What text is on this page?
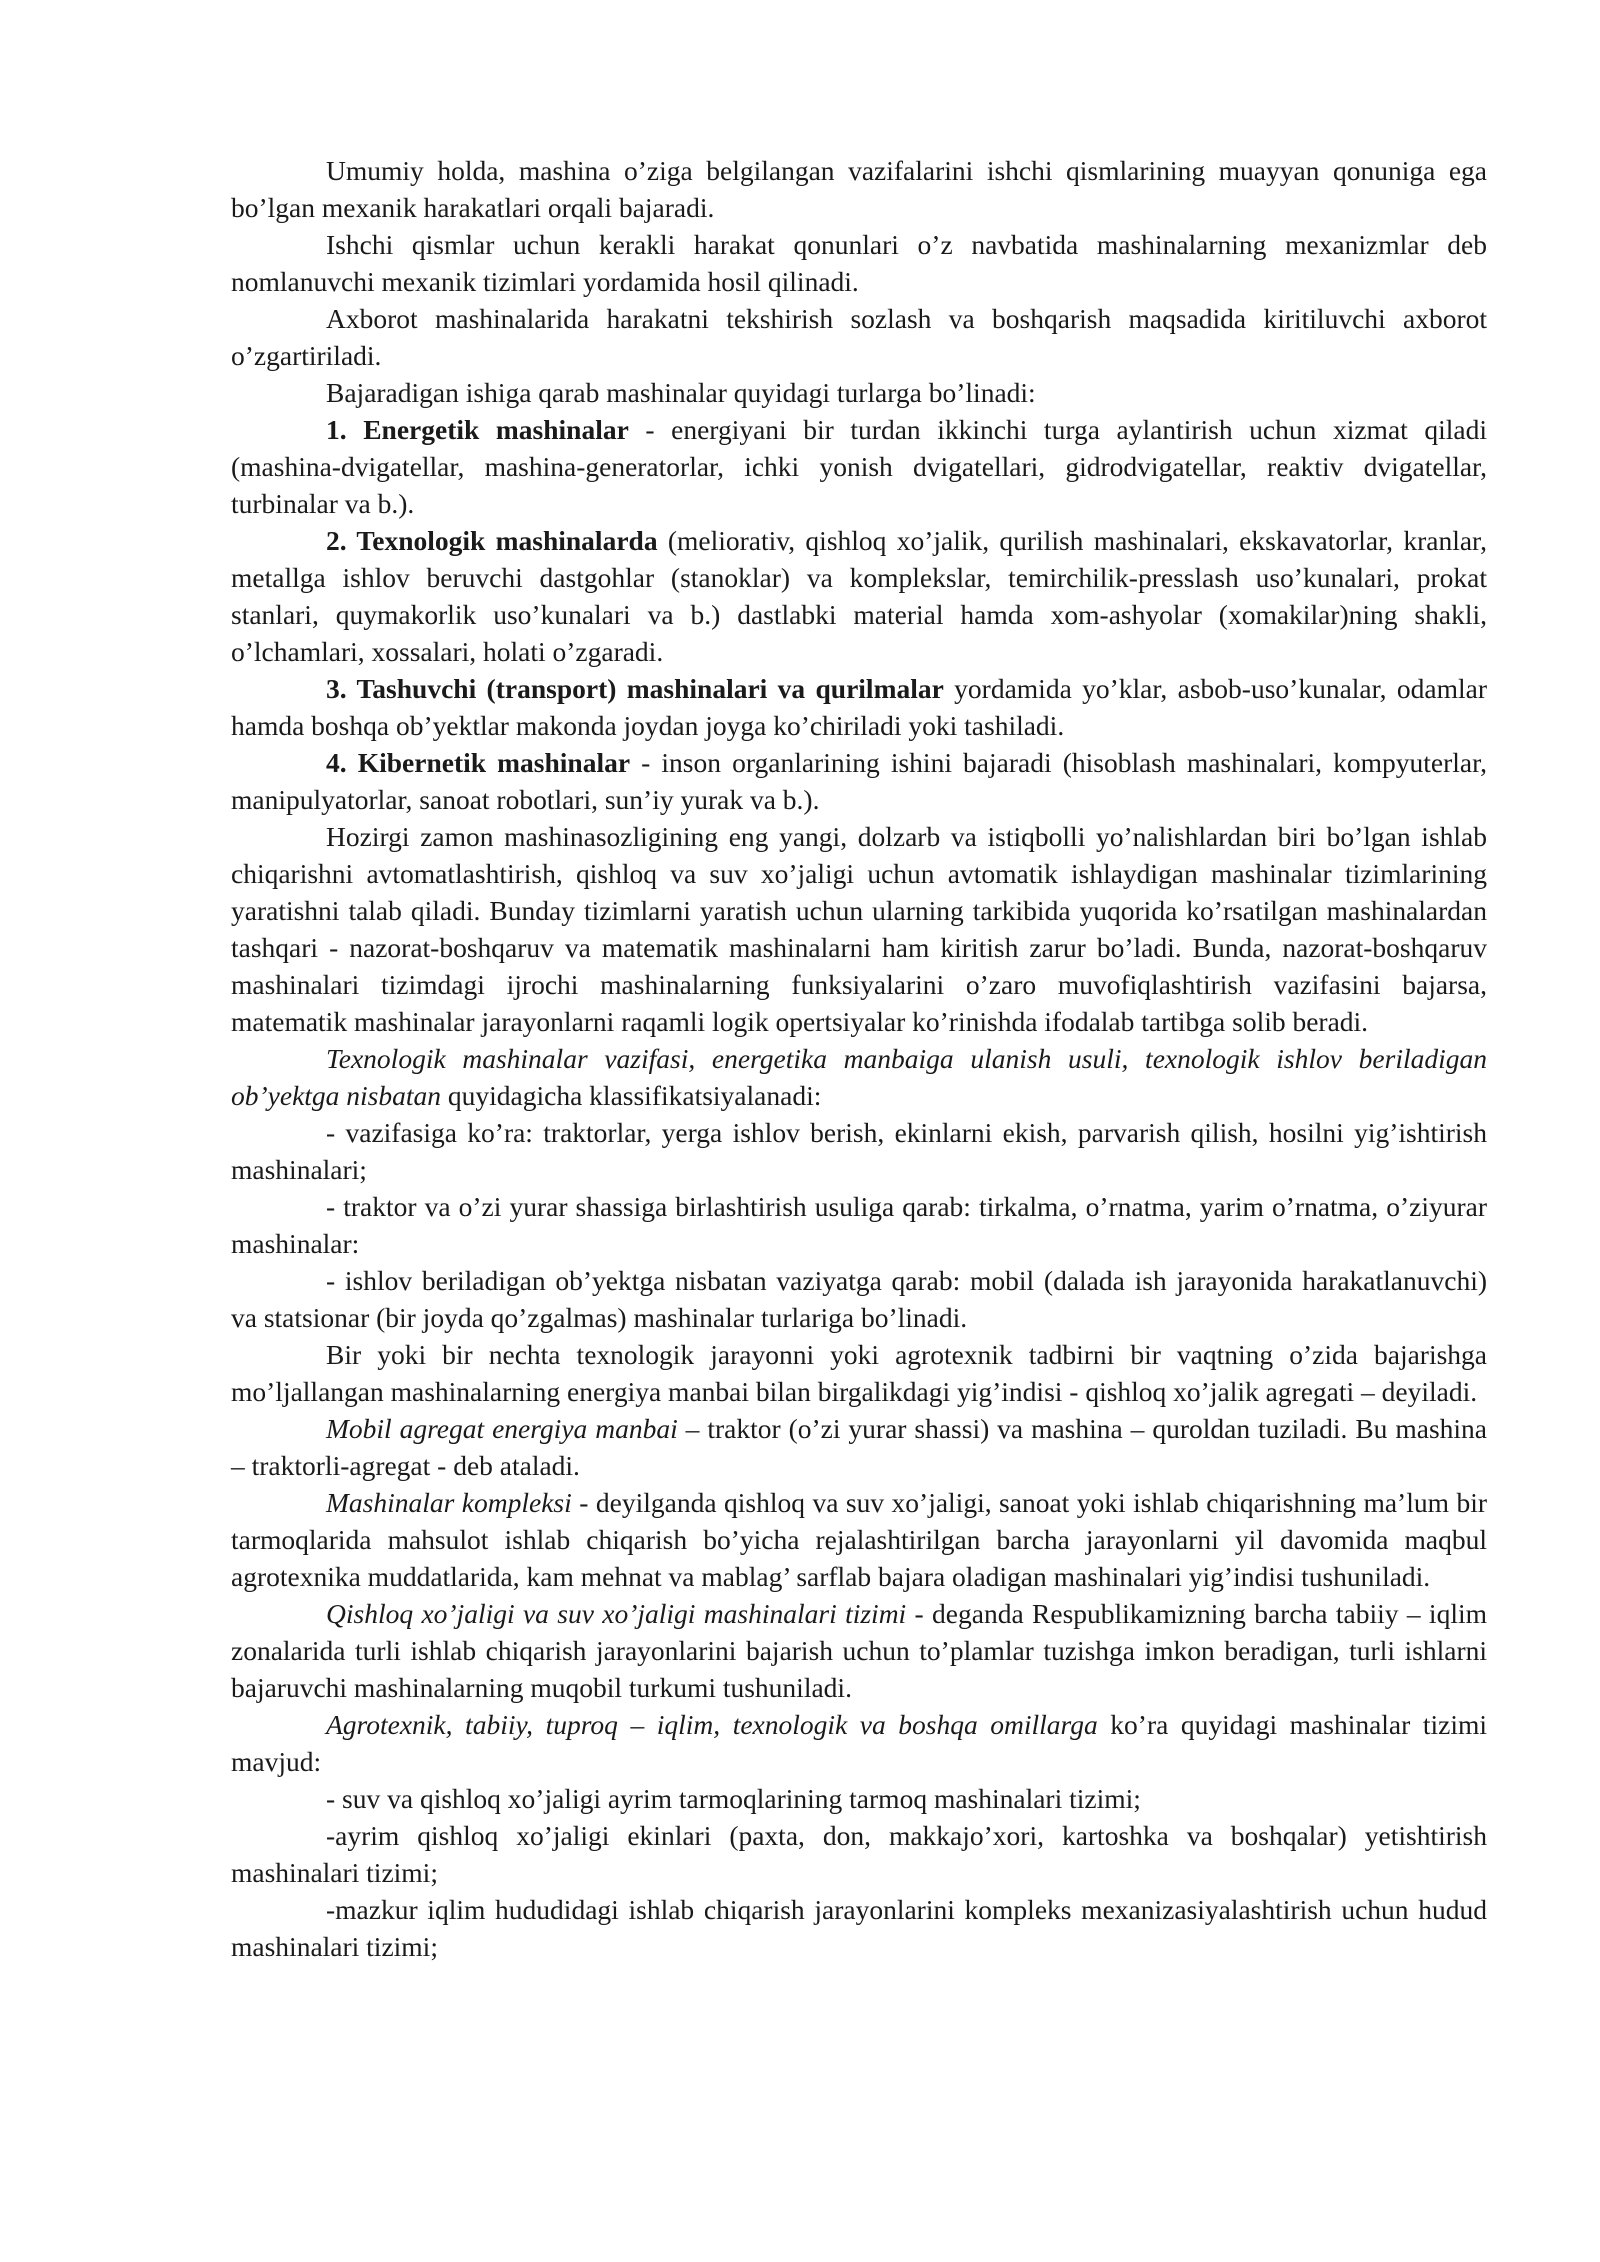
Umumiy holda, mashina o’ziga belgilangan vazifalarini ishchi qismlarining muayyan qonuniga ega bo’lgan mexanik harakatlari orqali bajaradi.

Ishchi qismlar uchun kerakli harakat qonunlari o’z navbatida mashinalarning mexanizmlar deb nomlanuvchi mexanik tizimlari yordamida hosil qilinadi.

Axborot mashinalarida harakatni tekshirish sozlash va boshqarish maqsadida kiritiluvchi axborot o’zgartiriladi.

Bajaradigan ishiga qarab mashinalar quyidagi turlarga bo’linadi:

1. Energetik mashinalar - energiyani bir turdan ikkinchi turga aylantirish uchun xizmat qiladi (mashina-dvigatellar, mashina-generatorlar, ichki yonish dvigatellari, gidrodvigatellar, reaktiv dvigatellar, turbinalar va b.).

2. Texnologik mashinalarda (meliorativ, qishloq xo’jalik, qurilish mashinalari, ekskavatorlar, kranlar, metallga ishlov beruvchi dastgohlar (stanoklar) va komplekslar, temirchilik-presslash uso’kunalari, prokat stanlari, quymakorlik uso’kunalari va b.) dastlabki material hamda xom-ashyolar (xomakilar)ning shakli, o’lchamlari, xossalari, holati o’zgaradi.

3. Tashuvchi (transport) mashinalari va qurilmalar yordamida yo’klar, asbob-uso’kunalar, odamlar hamda boshqa ob’yektlar makonda joydan joyga ko’chiriladi yoki tashiladi.

4. Kibernetik mashinalar - inson organlarining ishini bajaradi (hisoblash mashinalari, kompyuterlar, manipulyatorlar, sanoat robotlari, sun’iy yurak va b.).

Hozirgi zamon mashinasozligining eng yangi, dolzarb va istiqbolli yo’nalishlardan biri bo’lgan ishlab chiqarishni avtomatlashtirish, qishloq va suv xo’jaligi uchun avtomatik ishlaydigan mashinalar tizimlarining yaratishni talab qiladi. Bunday tizimlarni yaratish uchun ularning tarkibida yuqorida ko’rsatilgan mashinalardan tashqari - nazorat-boshqaruv va matematik mashinalarni ham kiritish zarur bo’ladi. Bunda, nazorat-boshqaruv mashinalari tizimdagi ijrochi mashinalarning funksiyalarini o’zaro muvofiqlashtirish vazifasini bajarsa, matematik mashinalar jarayonlarni raqamli logik opertsiyalar ko’rinishda ifodalab tartibga solib beradi.

Texnologik mashinalar vazifasi, energetika manbaiga ulanish usuli, texnologik ishlov beriladigan ob’yektga nisbatan quyidagicha klassifikatsiyalanadi:

- vazifasiga ko’ra: traktorlar, yerga ishlov berish, ekinlarni ekish, parvarish qilish, hosilni yig’ishtirish mashinalari;

- traktor va o’zi yurar shassiga birlashtirish usuliga qarab: tirkalma, o’rnatma, yarim o’rnatma, o’ziyurar mashinalar:

- ishlov beriladigan ob’yektga nisbatan vaziyatga qarab: mobil (dalada ish jarayonida harakatlanuvchi) va statsionar (bir joyda qo’zgalmas) mashinalar turlariga bo’linadi.

Bir yoki bir nechta texnologik jarayonni yoki agrotexnik tadbirni bir vaqtning o’zida bajarishga mo’ljallangan mashinalarning energiya manbai bilan birgalikdagi yig’indisi - qishloq xo’jalik agregati – deyiladi.

Mobil agregat energiya manbai – traktor (o’zi yurar shassi) va mashina – quroldan tuziladi. Bu mashina – traktorli-agregat - deb ataladi.

Mashinalar kompleksi - deyilganda qishloq va suv xo’jaligi, sanoat yoki ishlab chiqarishning ma’lum bir tarmoqlarida mahsulot ishlab chiqarish bo’yicha rejalashtirilgan barcha jarayonlarni yil davomida maqbul agrotexnika muddatlarida, kam mehnat va mablag’ sarflab bajara oladigan mashinalari yig’indisi tushuniladi.

Qishloq xo’jaligi va suv xo’jaligi mashinalari tizimi - deganda Respublikamizning barcha tabiiy – iqlim zonalarida turli ishlab chiqarish jarayonlarini bajarish uchun to’plamlar tuzishga imkon beradigan, turli ishlarni bajaruvchi mashinalarning muqobil turkumi tushuniladi.

Agrotexnik, tabiiy, tuproq – iqlim, texnologik va boshqa omillarga ko’ra quyidagi mashinalar tizimi mavjud:

- suv va qishloq xo’jaligi ayrim tarmoqlarining tarmoq mashinalari tizimi;

-ayrim qishloq xo’jaligi ekinlari (paxta, don, makkajo’xori, kartoshka va boshqalar) yetishtirish mashinalari tizimi;

-mazkur iqlim hududidagi ishlab chiqarish jarayonlarini kompleks mexanizasiyalashtirish uchun hudud mashinalari tizimi;
